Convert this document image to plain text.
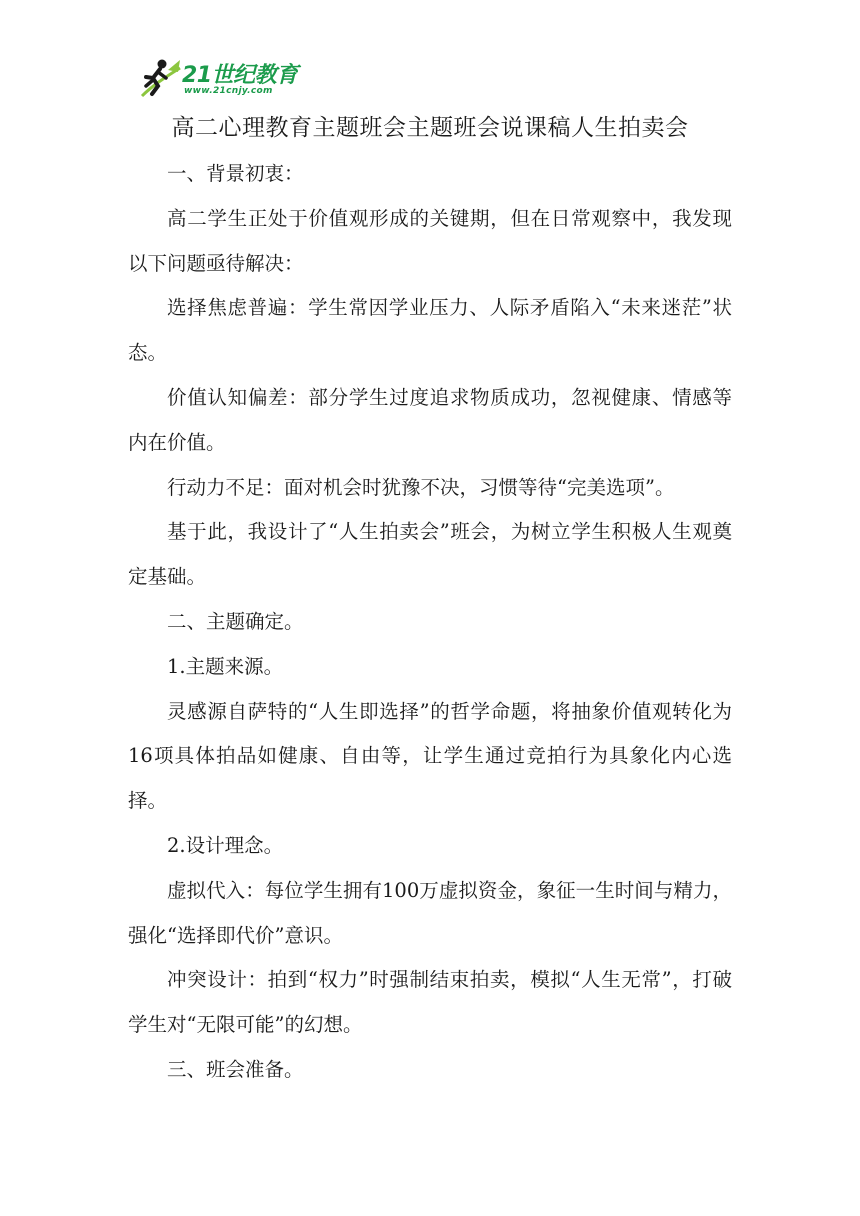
21世纪教育
www.21cnjy.com
高二心理教育主题班会主题班会说课稿人生拍卖会

一、背景初衷：

高二学生正处于价值观形成的关键期，但在日常观察中，我发现以下问题亟待解决：

选择焦虑普遍：学生常因学业压力、人际矛盾陷入“未来迷茫”状态。

价值认知偏差：部分学生过度追求物质成功，忽视健康、情感等内在价值。

行动力不足：面对机会时犹豫不决，习惯等待“完美选项”。

基于此，我设计了“人生拍卖会”班会，为树立学生积极人生观奠定基础。

二、主题确定。

1.主题来源。

灵感源自萨特的“人生即选择”的哲学命题，将抽象价值观转化为16项具体拍品如健康、自由等，让学生通过竞拍行为具象化内心选择。

2.设计理念。

虚拟代入：每位学生拥有100万虚拟资金，象征一生时间与精力，强化“选择即代价”意识。

冲突设计：拍到“权力”时强制结束拍卖，模拟“人生无常”，打破学生对“无限可能”的幻想。

三、班会准备。
